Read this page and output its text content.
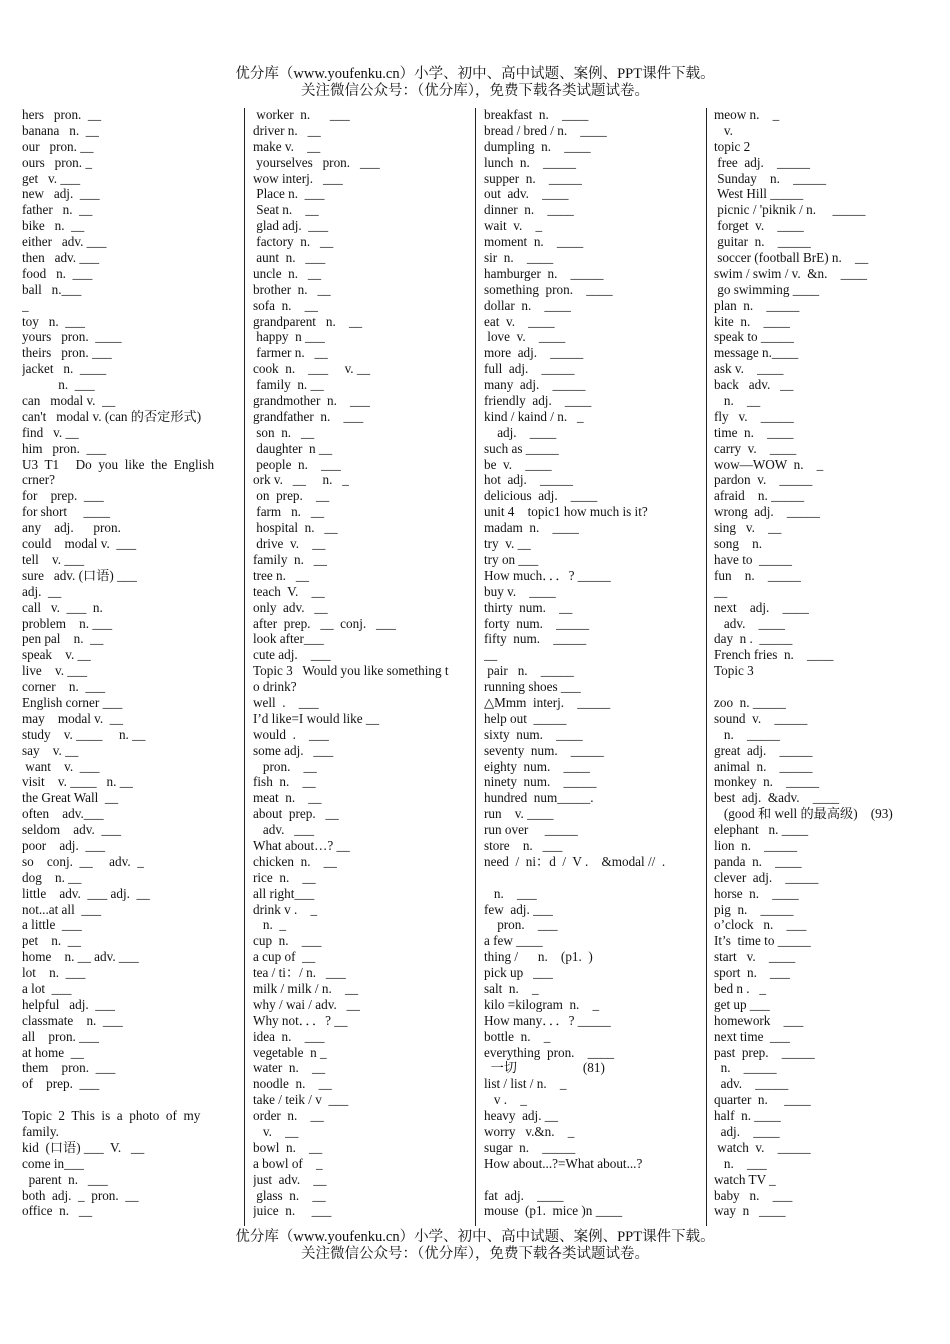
优分库（www.youfenku.cn）小学、初中、高中试题、案例、PPT课件下载。
关注微信公众号：（优分库），免费下载各类试题试卷。
hers   pron.  __
banana   n.  __
our   pron. __
ours   pron. _
get   v. ___
new   adj.  ___
father   n.  __
bike   n.  __
either   adv. ___
then   adv. ___
food   n.  ___
ball   n.___
_
toy   n.  ___
yours   pron.  ____
theirs   pron. ___
jacket   n.  ____
n.  ___
can   modal v.  __
can't   modal v. (can 的否定形式)
find   v. __
him   pron.  ___
U3  T1     Do  you  like  the  English
crner?
for    prep.  ___
for short     ____
any    adj.      pron.
could    modal v.  ___
tell    v. ___
sure   adv. (口语) ___
adj.  __
call   v.  ___  n.
problem    n. ___
pen pal    n.  __
speak    v. __
live    v. ___
corner    n.  ___
English corner ___
may    modal v.  __
study    v. ____     n. __
say    v. __
want    v.  ___
visit    v. ____   n. __
the Great Wall  __
often    adv.___
seldom    adv.  ___
poor    adj.  ___
so    conj.  __     adv.  _
dog    n. __
little    adv.  ___ adj.  __
not...at all  ___
a little  ___
pet    n.  __
home    n. __ adv. ___
lot    n.  ___
a lot  ___
helpful   adj.  ___
classmate    n.  ___
all    pron. ___
at home  __
them    pron.  ___
of    prep.  ___
Topic  2  This  is  a  photo  of  my
family.
kid  (口语) ___  V.   __
come in___
parent  n.   ___
both  adj.  _  pron.  __
office  n.   __
worker  n.      ___
driver n.   __
make v.    __
yourselves   pron.   ___
wow interj.   ___
Place n.  ___
Seat n.    __
glad adj.  ___
factory  n.   __
aunt  n.   ___
uncle  n.   __
brother  n.   __
sofa  n.    __
grandparent   n.    __
happy  n ___
farmer n.   __
cook  n.    ___     v. __
family  n. __
grandmother  n.    ___
grandfather  n.    ___
son  n.   __
daughter  n __
people  n.    ___
ork v.   __     n.   _
on  prep.    __
farm   n.   __
hospital  n.   __
drive  v.    __
family  n.   __
tree n.   __
teach  V.    __
only  adv.   __
after  prep.   __  conj.   ___
look after___
cute adj.    ___
Topic 3   Would you like something t
o drink?
well  .    ___
I’d like=I would like __
would  .    ___
some adj.   ___
pron.    __
fish  n.    __
meat  n.    __
about  prep.   __
adv.   ___
What about…? __
chicken  n.    __
rice  n.    __
all right___
drink v .    _
n.  _
cup  n.    ___
a cup of  __
tea / ti：/ n.   ___
milk / milk / n.    __
why / wai / adv.   __
Why not．．．? __
idea  n.    ___
vegetable  n _
water  n.    __
noodle  n.    __
take / teik / v  ___
order  n.    __
v.    __
bowl  n.    __
a bowl of    _
just  adv.    __
glass  n.    __
juice  n.     ___
breakfast  n.    ____
bread / bred / n.    ____
dumpling  n.    ____
lunch  n.    _____
supper  n.    _____
out  adv.    ____
dinner  n.    ____
wait  v.    _
moment  n.    ____
sir  n.    ____
hamburger  n.    _____
something  pron.    ____
dollar  n.    ____
eat  v.    ____
love  v.    ____
more  adj.    _____
full  adj.    _____
many  adj.    _____
friendly  adj.    ____
kind / kaind / n.   _
adj.    ____
such as _____
be  v.    ____
hot  adj.    _____
delicious  adj.    ____
unit 4    topic1 how much is it?
madam  n.    ____
try  v. __
try on ___
How much．．．? _____
buy v.    ____
thirty  num.    __
forty  num.    _____
fifty  num.    _____
__
pair   n.    _____
running shoes ___
△Mmm  interj.    _____
help out  _____
sixty  num.    ____
seventy  num.    _____
eighty  num.    ____
ninety  num.    _____
hundred  num_____.
run    v. ____
run over     _____
store    n.   ___
need  /  ni：d  /  V .    &modal //  .
n.    ___
few  adj. ___
pron.    ___
a few ____
thing /      n.    (p1.  )
pick up   ___
salt  n.    _
kilo =kilogram  n.    _
How many．．．? _____
bottle  n.    _
everything  pron.    ____
一切                    (81)
list / list / n.    _
v .    _
heavy  adj. __
worry   v.&n.    _
sugar  n.    _____
How about...?=What about...?
fat  adj.    ____
mouse  (p1.  mice )n ____
meow n.    _
v.
topic 2
free  adj.    _____
Sunday    n.    _____
West Hill _____
picnic / 'piknik / n.     _____
forget  v.    ____
guitar  n.    _____
soccer (football BrE) n.    __
swim / swim / v.  &n.    ____
go swimming ____
plan  n.    _____
kite  n.    ____
speak to _____
message n.____
ask v.    ____
back   adv.   __
n.    __
fly   v.    _____
time  n.    ____
carry  v.    ____
wow—WOW  n.    _
pardon  v.    _____
afraid    n. _____
wrong  adj.    _____
sing   v.    __
song    n.
have to  _____
fun    n.    _____
__
next    adj.    ____
adv.    ____
day  n .  _____
French fries  n.    ____
Topic 3
zoo  n. _____
sound  v.    _____
n.    _____
great  adj.    _____
animal  n.    _____
monkey  n.    _____
best  adj.  &adv.    ____
(good 和 well 的最高级)    (93)
elephant   n. ____
lion  n.    _____
panda  n.    ____
clever  adj.    _____
horse  n.    ____
pig  n.    _____
o’clock   n.    ___
It’s  time to _____
start   v.    ____
sport  n.    ___
bed n .   _
get up ___
homework    ___
next time  ___
past  prep.    _____
n.    _____
adv.    _____
quarter  n.     ____
half  n. ____
adj.    ____
watch  v.    _____
n.    ___
watch TV _
baby   n.    ___
way  n   ____
优分库（www.youfenku.cn）小学、初中、高中试题、案例、PPT课件下载。
关注微信公众号：（优分库），免费下载各类试题试卷。
